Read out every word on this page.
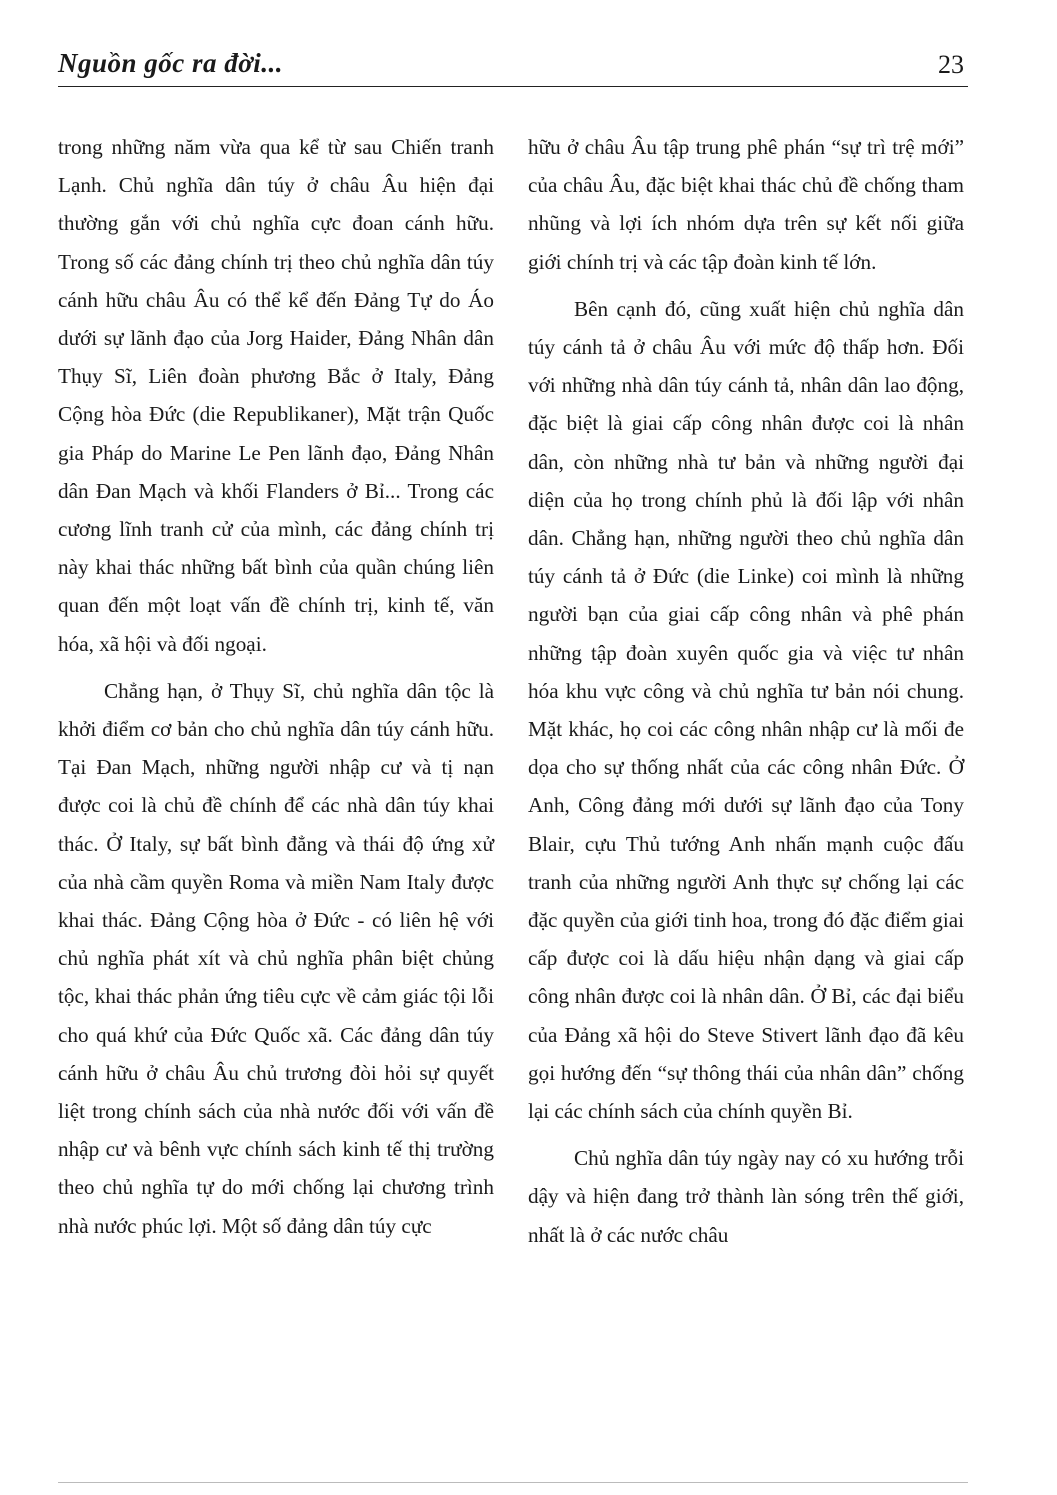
Nguồn gốc ra đời...	23

trong những năm vừa qua kể từ sau Chiến tranh Lạnh. Chủ nghĩa dân túy ở châu Âu hiện đại thường gắn với chủ nghĩa cực đoan cánh hữu. Trong số các đảng chính trị theo chủ nghĩa dân túy cánh hữu châu Âu có thể kể đến Đảng Tự do Áo dưới sự lãnh đạo của Jorg Haider, Đảng Nhân dân Thụy Sĩ, Liên đoàn phương Bắc ở Italy, Đảng Cộng hòa Đức (die Republikaner), Mặt trận Quốc gia Pháp do Marine Le Pen lãnh đạo, Đảng Nhân dân Đan Mạch và khối Flanders ở Bỉ... Trong các cương lĩnh tranh cử của mình, các đảng chính trị này khai thác những bất bình của quần chúng liên quan đến một loạt vấn đề chính trị, kinh tế, văn hóa, xã hội và đối ngoại.

Chẳng hạn, ở Thụy Sĩ, chủ nghĩa dân tộc là khởi điểm cơ bản cho chủ nghĩa dân túy cánh hữu. Tại Đan Mạch, những người nhập cư và tị nạn được coi là chủ đề chính để các nhà dân túy khai thác. Ở Italy, sự bất bình đẳng và thái độ ứng xử của nhà cầm quyền Roma và miền Nam Italy được khai thác. Đảng Cộng hòa ở Đức - có liên hệ với chủ nghĩa phát xít và chủ nghĩa phân biệt chủng tộc, khai thác phản ứng tiêu cực về cảm giác tội lỗi cho quá khứ của Đức Quốc xã. Các đảng dân túy cánh hữu ở châu Âu chủ trương đòi hỏi sự quyết liệt trong chính sách của nhà nước đối với vấn đề nhập cư và bênh vực chính sách kinh tế thị trường theo chủ nghĩa tự do mới chống lại chương trình nhà nước phúc lợi. Một số đảng dân túy cực

hữu ở châu Âu tập trung phê phán “sự trì trệ mới” của châu Âu, đặc biệt khai thác chủ đề chống tham nhũng và lợi ích nhóm dựa trên sự kết nối giữa giới chính trị và các tập đoàn kinh tế lớn.

Bên cạnh đó, cũng xuất hiện chủ nghĩa dân túy cánh tả ở châu Âu với mức độ thấp hơn. Đối với những nhà dân túy cánh tả, nhân dân lao động, đặc biệt là giai cấp công nhân được coi là nhân dân, còn những nhà tư bản và những người đại diện của họ trong chính phủ là đối lập với nhân dân. Chẳng hạn, những người theo chủ nghĩa dân túy cánh tả ở Đức (die Linke) coi mình là những người bạn của giai cấp công nhân và phê phán những tập đoàn xuyên quốc gia và việc tư nhân hóa khu vực công và chủ nghĩa tư bản nói chung. Mặt khác, họ coi các công nhân nhập cư là mối đe dọa cho sự thống nhất của các công nhân Đức. Ở Anh, Công đảng mới dưới sự lãnh đạo của Tony Blair, cựu Thủ tướng Anh nhấn mạnh cuộc đấu tranh của những người Anh thực sự chống lại các đặc quyền của giới tinh hoa, trong đó đặc điểm giai cấp được coi là dấu hiệu nhận dạng và giai cấp công nhân được coi là nhân dân. Ở Bỉ, các đại biểu của Đảng xã hội do Steve Stivert lãnh đạo đã kêu gọi hướng đến “sự thông thái của nhân dân” chống lại các chính sách của chính quyền Bỉ.

Chủ nghĩa dân túy ngày nay có xu hướng trỗi dậy và hiện đang trở thành làn sóng trên thế giới, nhất là ở các nước châu
